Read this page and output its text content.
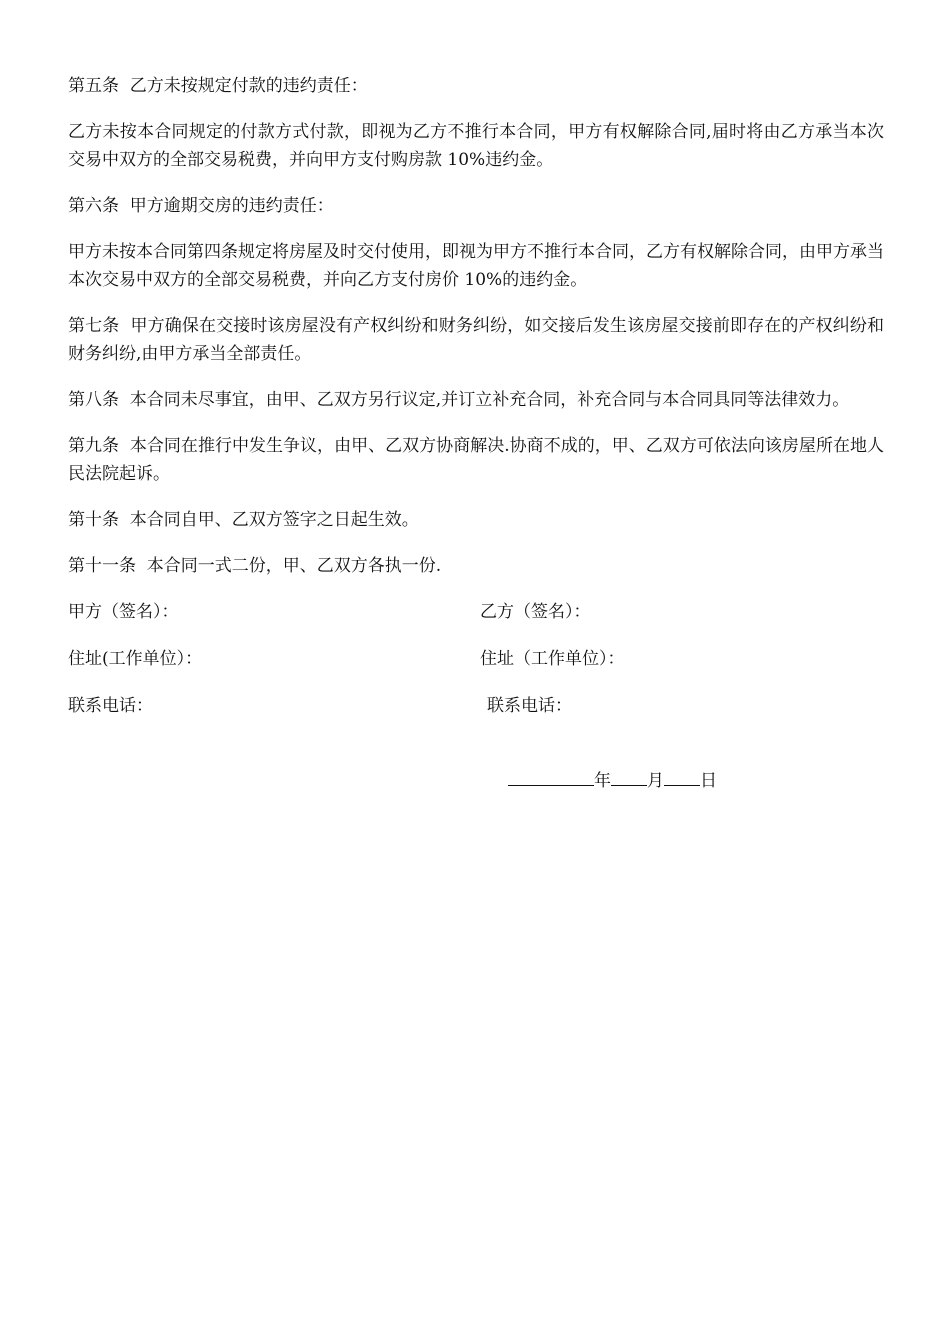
第五条  乙方未按规定付款的违约责任：

乙方未按本合同规定的付款方式付款，即视为乙方不推行本合同，甲方有权解除合同,届时将由乙方承当本次交易中双方的全部交易税费，并向甲方支付购房款 10%违约金。

第六条  甲方逾期交房的违约责任：

甲方未按本合同第四条规定将房屋及时交付使用，即视为甲方不推行本合同，乙方有权解除合同，由甲方承当本次交易中双方的全部交易税费，并向乙方支付房价 10%的违约金。

第七条  甲方确保在交接时该房屋没有产权纠纷和财务纠纷，如交接后发生该房屋交接前即存在的产权纠纷和财务纠纷,由甲方承当全部责任。

第八条  本合同未尽事宜，由甲、乙双方另行议定,并订立补充合同，补充合同与本合同具同等法律效力。

第九条  本合同在推行中发生争议，由甲、乙双方协商解决.协商不成的，甲、乙双方可依法向该房屋所在地人民法院起诉。

第十条  本合同自甲、乙双方签字之日起生效。

第十一条  本合同一式二份，甲、乙双方各执一份.

甲方（签名）：	乙方（签名）：
住址(工作单位）：	住址（工作单位）：
联系电话：	联系电话：
年 月 日
